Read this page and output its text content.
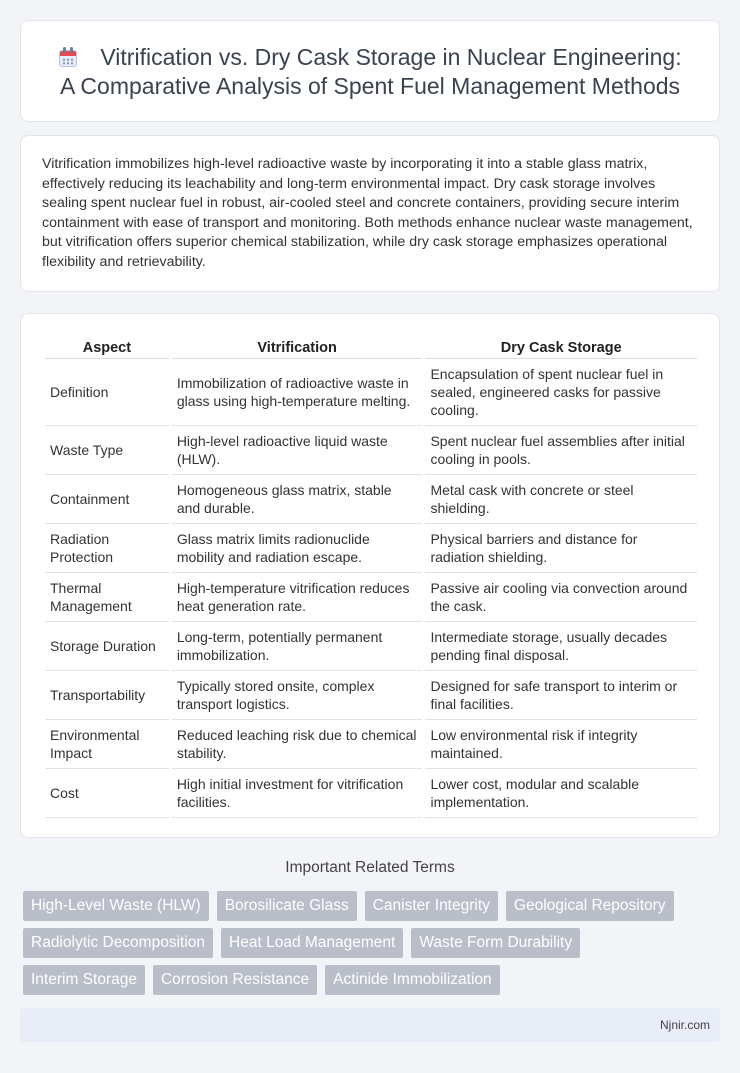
Vitrification vs. Dry Cask Storage in Nuclear Engineering:
A Comparative Analysis of Spent Fuel Management Methods

Vitrification immobilizes high-level radioactive waste by incorporating it into a stable glass matrix, effectively reducing its leachability and long-term environmental impact. Dry cask storage involves sealing spent nuclear fuel in robust, air-cooled steel and concrete containers, providing secure interim containment with ease of transport and monitoring. Both methods enhance nuclear waste management, but vitrification offers superior chemical stabilization, while dry cask storage emphasizes operational flexibility and retrievability.

Aspect	Vitrification	Dry Cask Storage
Definition	Immobilization of radioactive waste in glass using high-temperature melting.	Encapsulation of spent nuclear fuel in sealed, engineered casks for passive cooling.
Waste Type	High-level radioactive liquid waste (HLW).	Spent nuclear fuel assemblies after initial cooling in pools.
Containment	Homogeneous glass matrix, stable and durable.	Metal cask with concrete or steel shielding.
Radiation Protection	Glass matrix limits radionuclide mobility and radiation escape.	Physical barriers and distance for radiation shielding.
Thermal Management	High-temperature vitrification reduces heat generation rate.	Passive air cooling via convection around the cask.
Storage Duration	Long-term, potentially permanent immobilization.	Intermediate storage, usually decades pending final disposal.
Transportability	Typically stored onsite, complex transport logistics.	Designed for safe transport to interim or final facilities.
Environmental Impact	Reduced leaching risk due to chemical stability.	Low environmental risk if integrity maintained.
Cost	High initial investment for vitrification facilities.	Lower cost, modular and scalable implementation.
Important Related Terms
High-Level Waste (HLW)	Borosilicate Glass	Canister Integrity	Geological Repository
Radiolytic Decomposition	Heat Load Management	Waste Form Durability
Interim Storage	Corrosion Resistance	Actinide Immobilization
Njnir.com
